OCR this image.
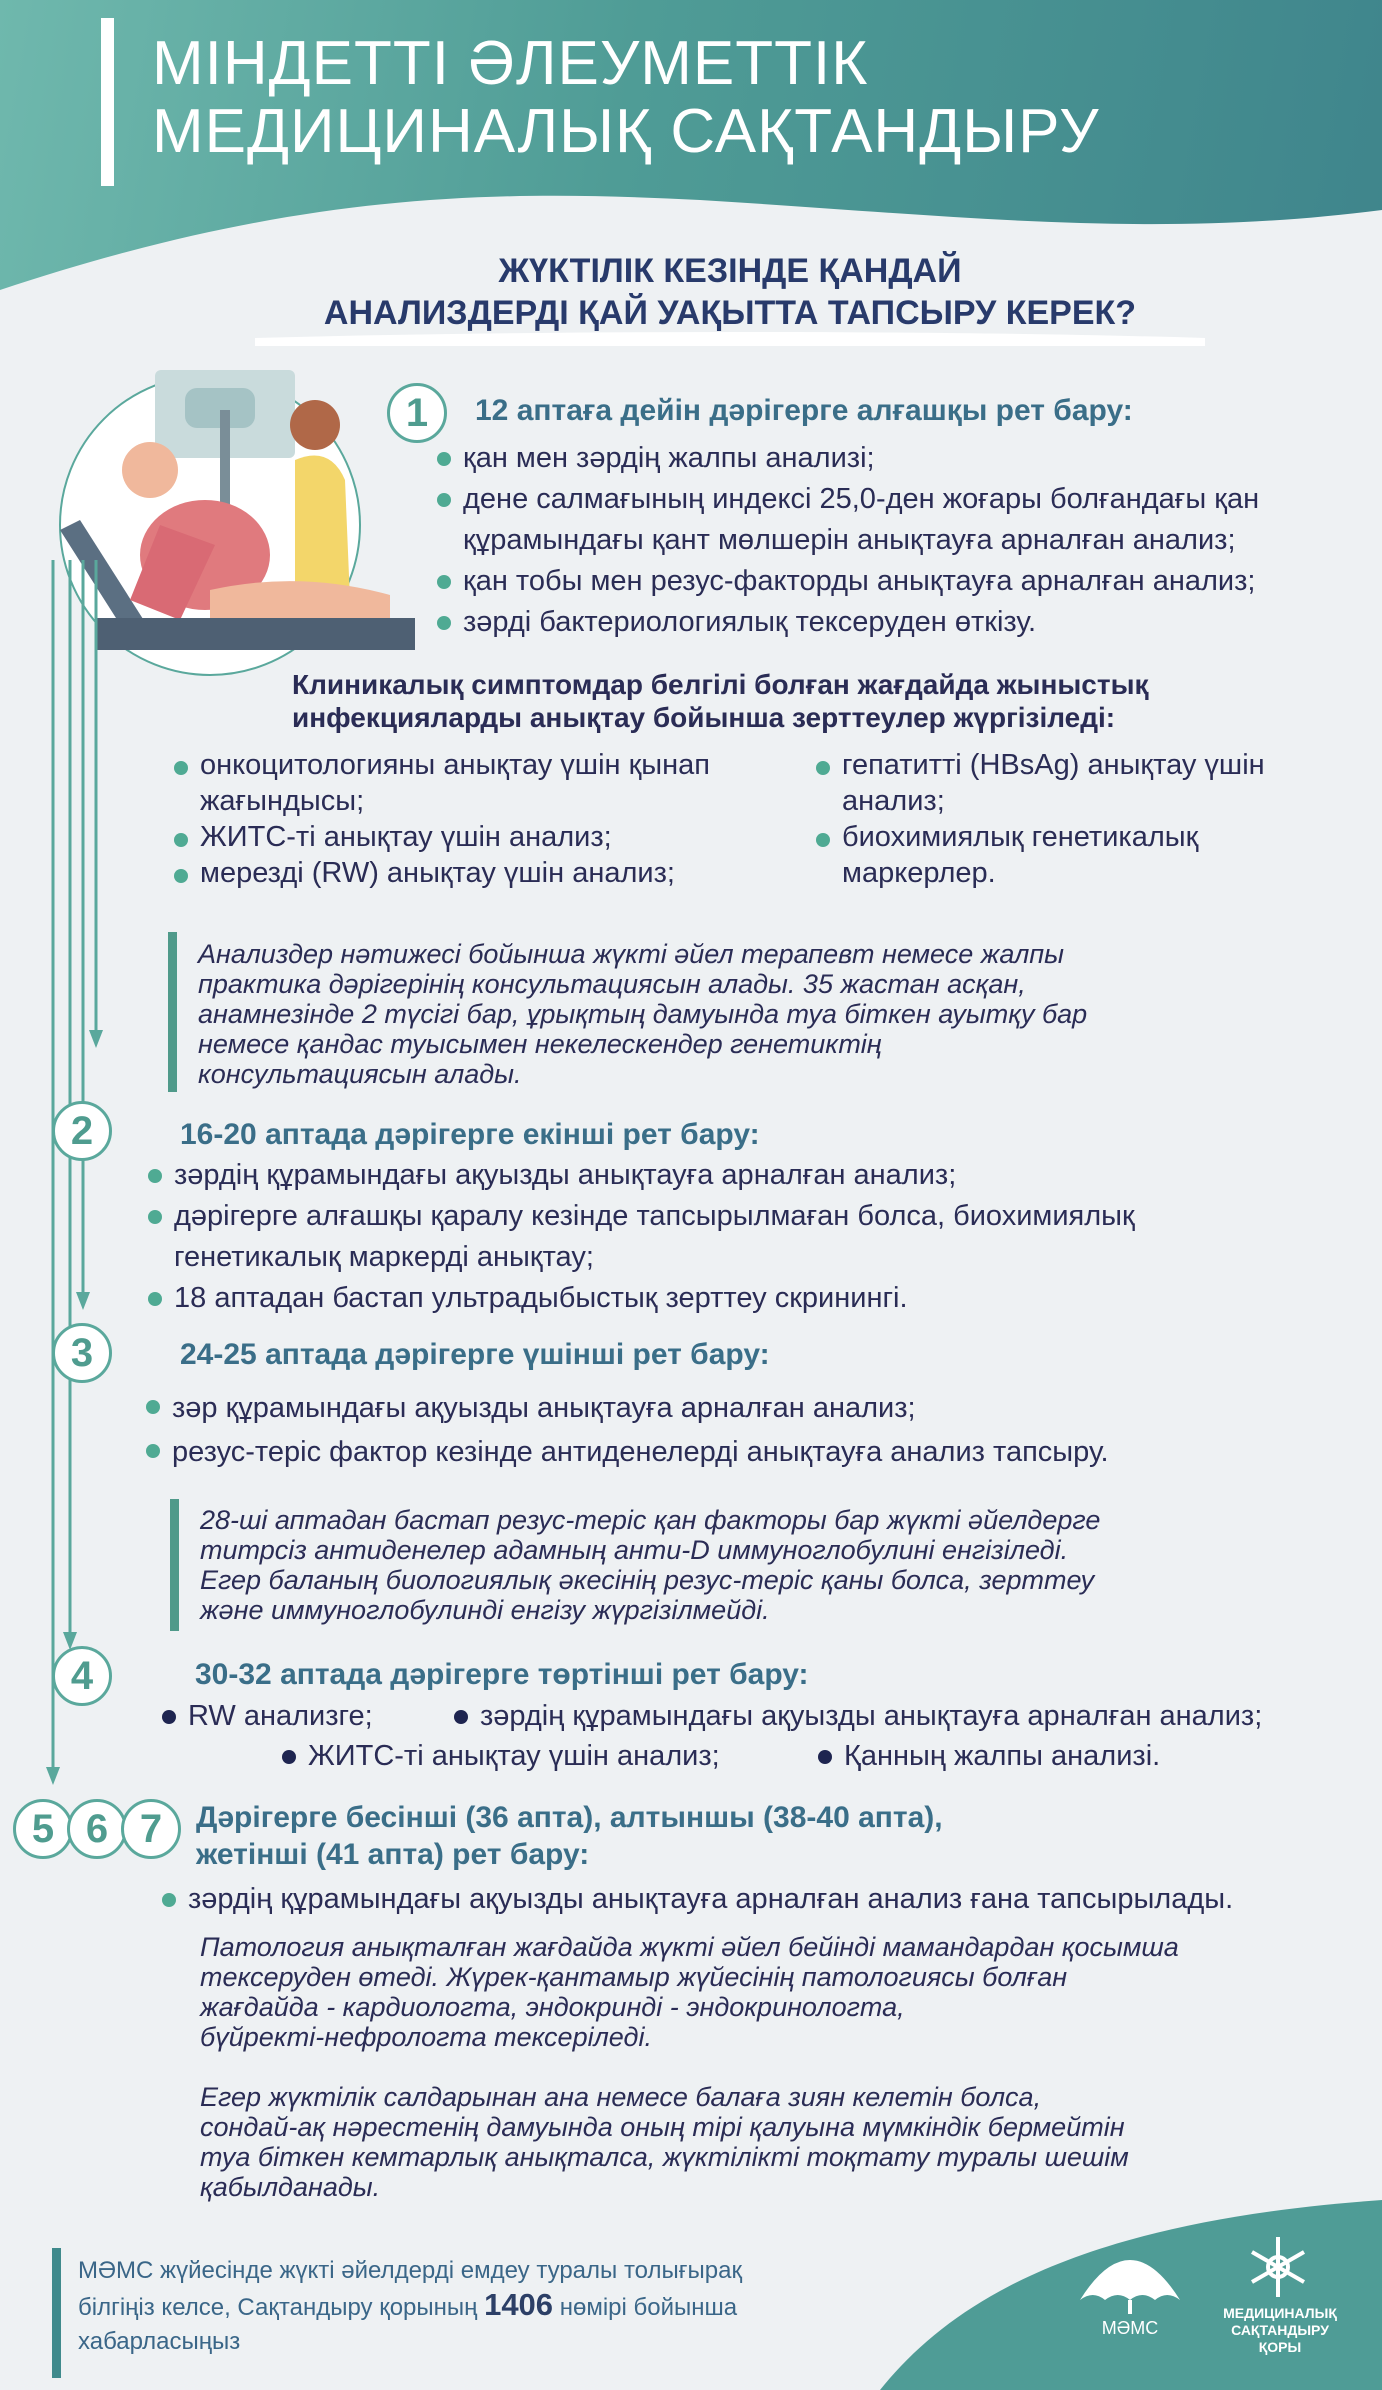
МІНДЕТТІ ӘЛЕУМЕТТІК
МЕДИЦИНАЛЫҚ САҚТАНДЫРУ
ЖҮКТІЛІК КЕЗІНДЕ ҚАНДАЙ
АНАЛИЗДЕРДІ ҚАЙ УАҚЫТТА ТАПСЫРУ КЕРЕК?
1	12 аптаға дейін дәрігерге алғашқы рет бару:
қан мен зәрдің жалпы анализі;
дене салмағының индексі 25,0-ден жоғары болғандағы қан құрамындағы қант мөлшерін анықтауға арналған анализ;
қан тобы мен резус-факторды анықтауға арналған анализ;
зәрді бактериологиялық тексеруден өткізу.
Клиникалық симптомдар белгілі болған жағдайда жыныстық инфекцияларды анықтау бойынша зерттеулер жүргізіледі:
онкоцитологияны анықтау үшін қынап жағындысы;
ЖИТС-ті анықтау үшін анализ;
мерезді (RW) анықтау үшін анализ;
гепатитті (HBsAg) анықтау үшін анализ;
биохимиялық генетикалық маркерлер.
Анализдер нәтижесі бойынша жүкті әйел терапевт немесе жалпы
практика дәрігерінің консультациясын алады. 35 жастан асқан,
анамнезінде 2 түсігі бар, ұрықтың дамуында туа біткен ауытқу бар
немесе қандас туысымен некелескендер генетиктің
консультациясын алады.
2	16-20 аптада дәрігерге екінші рет бару:
зәрдің құрамындағы ақуызды анықтауға арналған анализ;
дәрігерге алғашқы қаралу кезінде тапсырылмаған болса, биохимиялық генетикалық маркерді анықтау;
18 аптадан бастап ультрадыбыстық зерттеу скринингі.
3	24-25 аптада дәрігерге үшінші рет бару:
зәр құрамындағы ақуызды анықтауға арналған анализ;
резус-теріс фактор кезінде антиденелерді анықтауға анализ тапсыру.
28-ші аптадан бастап резус-теріс қан факторы бар жүкті әйелдерге
титрсіз антиденелер адамның анти-D иммуноглобулині енгізіледі.
Егер баланың биологиялық әкесінің резус-теріс қаны болса, зерттеу
және иммуноглобулинді енгізу жүргізілмейді.
4	30-32 аптада дәрігерге төртінші рет бару:
RW анализге;	зәрдің құрамындағы ақуызды анықтауға арналған анализ;
ЖИТС-ті анықтау үшін анализ;	Қанның жалпы анализі.
5 6 7	Дәрігерге бесінші (36 апта), алтыншы (38-40 апта),
жетінші (41 апта) рет бару:
зәрдің құрамындағы ақуызды анықтауға арналған анализ ғана тапсырылады.
Патология анықталған жағдайда жүкті әйел бейінді мамандардан қосымша
тексеруден өтеді. Жүрек-қантамыр жүйесінің патологиясы болған
жағдайда - кардиологта, эндокринді - эндокринологта,
бүйректі-нефрологта тексеріледі.
Егер жүктілік салдарынан ана немесе балаға зиян келетін болса,
сондай-ақ нәрестенің дамуында оның тірі қалуына мүмкіндік бермейтін
туа біткен кемтарлық анықталса, жүктілікті тоқтату туралы шешім
қабылданады.
МӘМС жүйесінде жүкті әйелдерді емдеу туралы толығырақ
білгіңіз келсе, Сақтандыру қорының 1406 нөмірі бойынша
хабарласыңыз	МӘМС
МЕДИЦИНАЛЫҚ
САҚТАНДЫРУ
ҚОРЫ
